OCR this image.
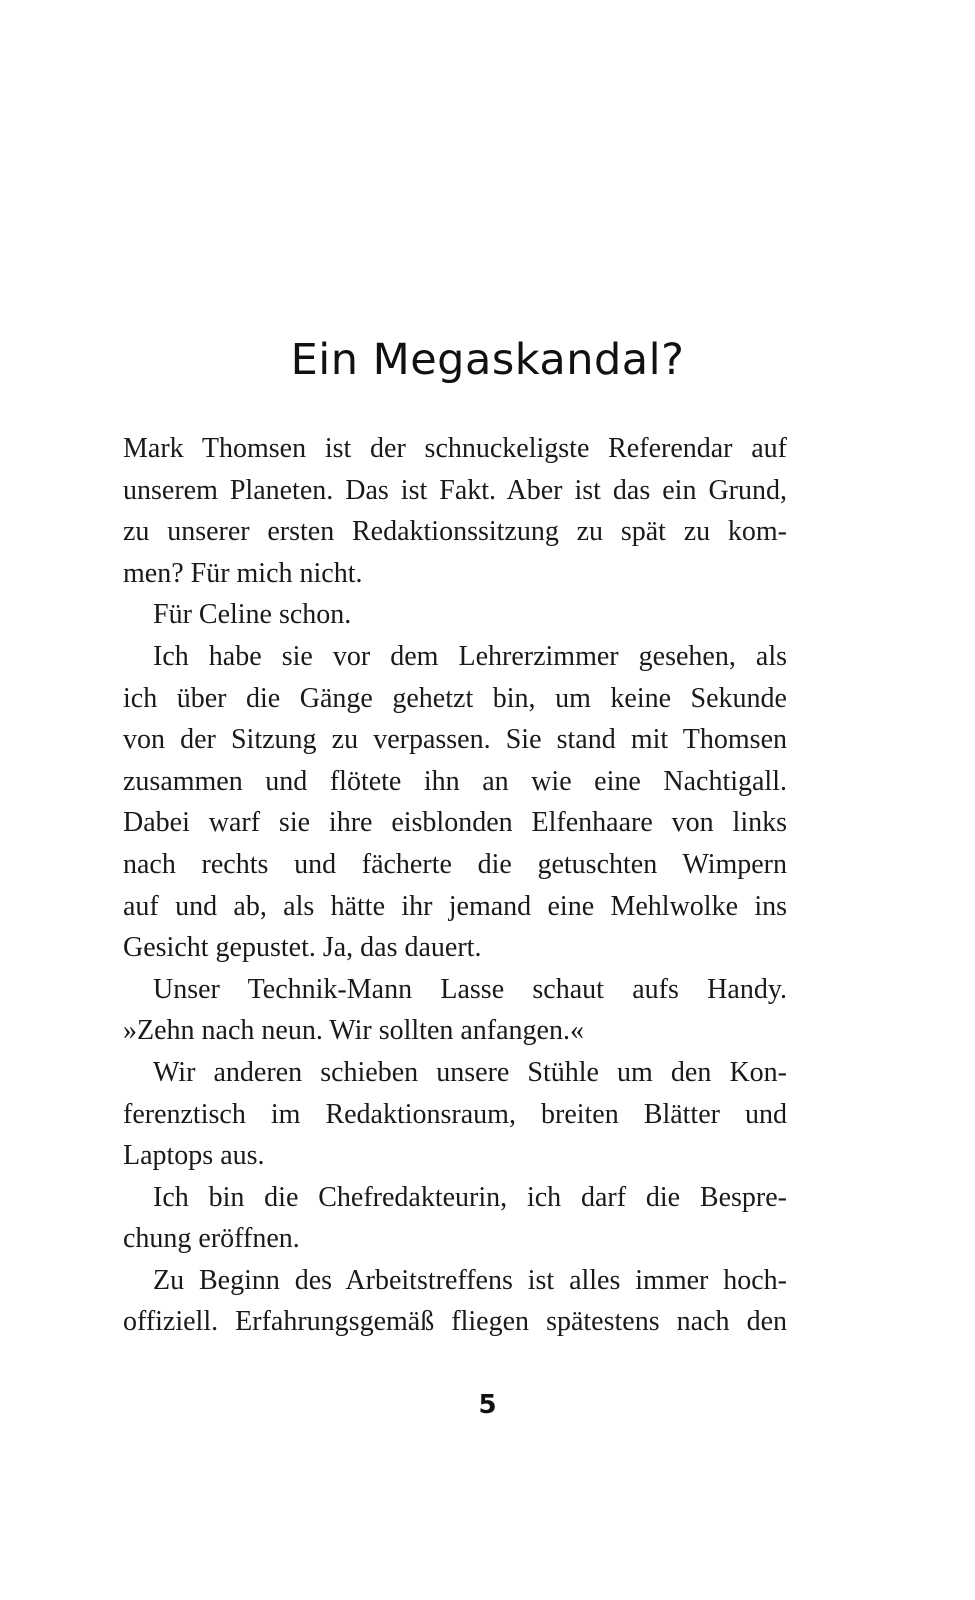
Ein Megaskandal?
Mark Thomsen ist der schnuckeligste Referendar auf
unserem Planeten. Das ist Fakt. Aber ist das ein Grund,
zu unserer ersten Redaktionssitzung zu spät zu kom-
men? Für mich nicht.
Für Celine schon.
Ich habe sie vor dem Lehrerzimmer gesehen, als
ich über die Gänge gehetzt bin, um keine Sekunde
von der Sitzung zu verpassen. Sie stand mit Thomsen
zusammen und flötete ihn an wie eine Nachtigall.
Dabei warf sie ihre eisblonden Elfenhaare von links
nach rechts und fächerte die getuschten Wimpern
auf und ab, als hätte ihr jemand eine Mehlwolke ins
Gesicht gepustet. Ja, das dauert.
Unser Technik-Mann Lasse schaut aufs Handy.
»Zehn nach neun. Wir sollten anfangen.«
Wir anderen schieben unsere Stühle um den Kon-
ferenztisch im Redaktionsraum, breiten Blätter und
Laptops aus.
Ich bin die Chefredakteurin, ich darf die Bespre-
chung eröffnen.
Zu Beginn des Arbeitstreffens ist alles immer hoch-
offiziell. Erfahrungsgemäß fliegen spätestens nach den
5
